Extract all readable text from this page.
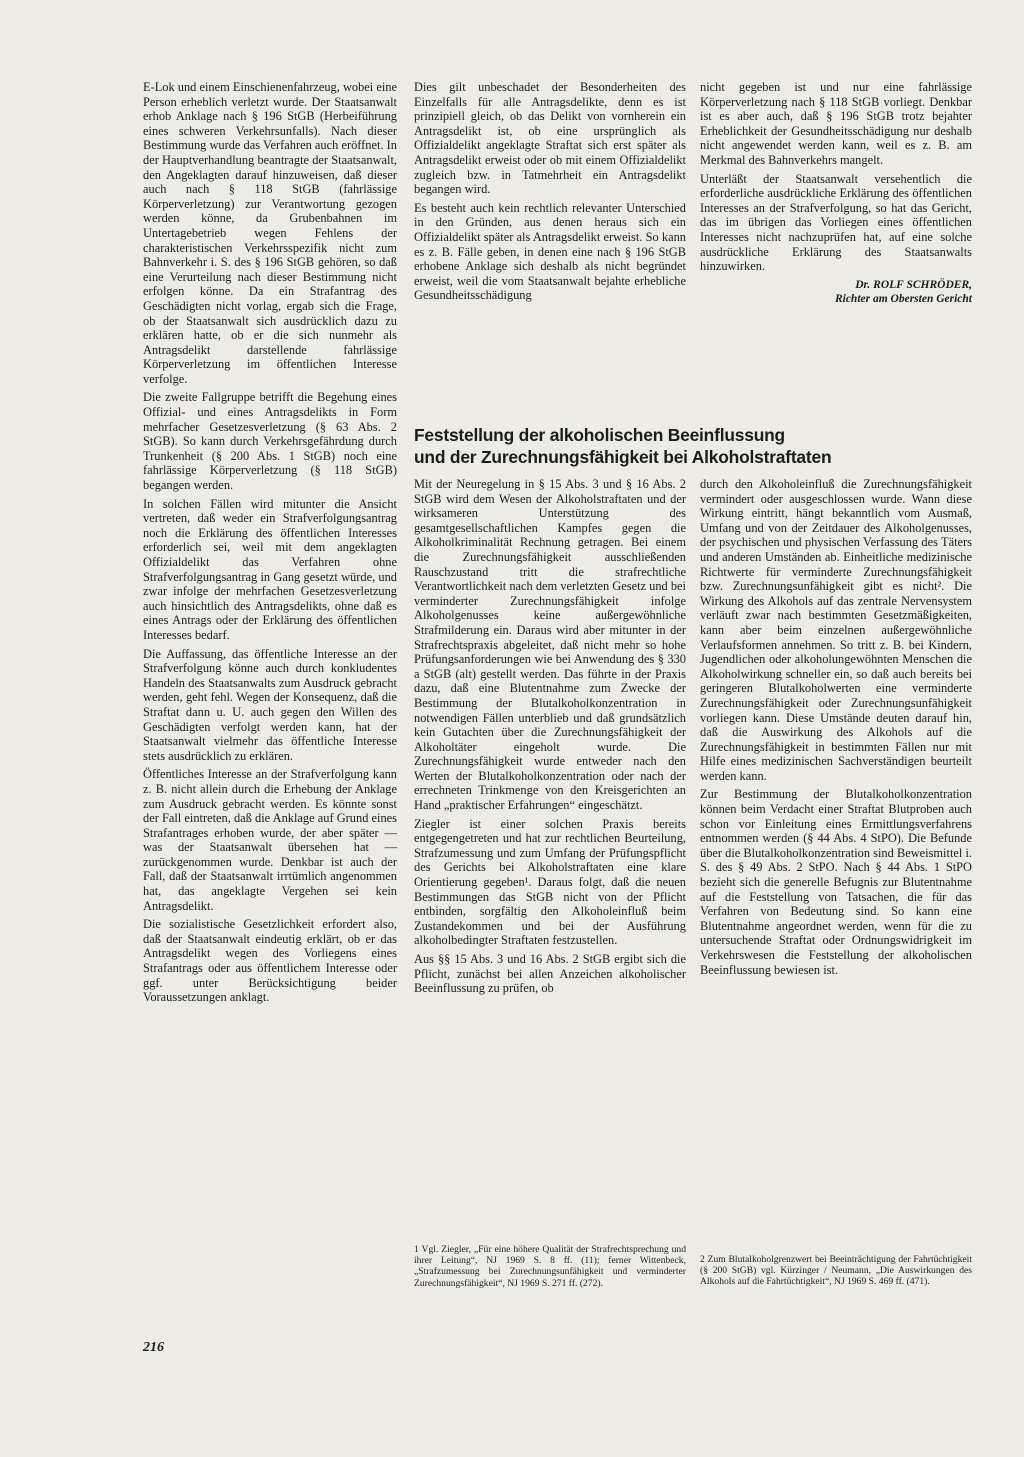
E-Lok und einem Einschienenfahrzeug, wobei eine Person erheblich verletzt wurde. Der Staatsanwalt erhob Anklage nach § 196 StGB (Herbeiführung eines schweren Verkehrsunfalls). Nach dieser Bestimmung wurde das Verfahren auch eröffnet. In der Hauptverhandlung beantragte der Staatsanwalt, den Angeklagten darauf hinzuweisen, daß dieser auch nach § 118 StGB (fahrlässige Körperverletzung) zur Verantwortung gezogen werden könne, da Grubenbahnen im Untertagebetrieb wegen Fehlens der charakteristischen Verkehrsspezifik nicht zum Bahnverkehr i. S. des § 196 StGB gehören, so daß eine Verurteilung nach dieser Bestimmung nicht erfolgen könne. Da ein Strafantrag des Geschädigten nicht vorlag, ergab sich die Frage, ob der Staatsanwalt sich ausdrücklich dazu zu erklären hatte, ob er die sich nunmehr als Antragsdelikt darstellende fahrlässige Körperverletzung im öffentlichen Interesse verfolge.

Die zweite Fallgruppe betrifft die Begehung eines Offizial- und eines Antragsdelikts in Form mehrfacher Gesetzesverletzung (§ 63 Abs. 2 StGB). So kann durch Verkehrsgefährdung durch Trunkenheit (§ 200 Abs. 1 StGB) noch eine fahrlässige Körperverletzung (§ 118 StGB) begangen werden.

In solchen Fällen wird mitunter die Ansicht vertreten, daß weder ein Strafverfolgungsantrag noch die Erklärung des öffentlichen Interesses erforderlich sei, weil mit dem angeklagten Offizialdelikt das Verfahren ohne Strafverfolgungsantrag in Gang gesetzt würde, und zwar infolge der mehrfachen Gesetzesverletzung auch hinsichtlich des Antragsdelikts, ohne daß es eines Antrags oder der Erklärung des öffentlichen Interesses bedarf.

Die Auffassung, das öffentliche Interesse an der Strafverfolgung könne auch durch konkludentes Handeln des Staatsanwalts zum Ausdruck gebracht werden, geht fehl. Wegen der Konsequenz, daß die Straftat dann u. U. auch gegen den Willen des Geschädigten verfolgt werden kann, hat der Staatsanwalt vielmehr das öffentliche Interesse stets ausdrücklich zu erklären.

Öffentliches Interesse an der Strafverfolgung kann z. B. nicht allein durch die Erhebung der Anklage zum Ausdruck gebracht werden. Es könnte sonst der Fall eintreten, daß die Anklage auf Grund eines Strafantrages erhoben wurde, der aber später — was der Staatsanwalt übersehen hat — zurückgenommen wurde. Denkbar ist auch der Fall, daß der Staatsanwalt irrtümlich angenommen hat, das angeklagte Vergehen sei kein Antragsdelikt.

Die sozialistische Gesetzlichkeit erfordert also, daß der Staatsanwalt eindeutig erklärt, ob er das Antragsdelikt wegen des Vorliegens eines Strafantrags oder aus öffentlichem Interesse oder ggf. unter Berücksichtigung beider Voraussetzungen anklagt.

Dies gilt unbeschadet der Besonderheiten des Einzelfalls für alle Antragsdelikte, denn es ist prinzipiell gleich, ob das Delikt von vornherein ein Antragsdelikt ist, ob eine ursprünglich als Offizialdelikt angeklagte Straftat sich erst später als Antragsdelikt erweist oder ob mit einem Offizialdelikt zugleich bzw. in Tatmehrheit ein Antragsdelikt begangen wird.

Es besteht auch kein rechtlich relevanter Unterschied in den Gründen, aus denen heraus sich ein Offizialdelikt später als Antragsdelikt erweist. So kann es z. B. Fälle geben, in denen eine nach § 196 StGB erhobene Anklage sich deshalb als nicht begründet erweist, weil die vom Staatsanwalt bejahte erhebliche Gesundheitsschädigung

nicht gegeben ist und nur eine fahrlässige Körperverletzung nach § 118 StGB vorliegt. Denkbar ist es aber auch, daß § 196 StGB trotz bejahter Erheblichkeit der Gesundheitsschädigung nur deshalb nicht angewendet werden kann, weil es z. B. am Merkmal des Bahnverkehrs mangelt.

Unterläßt der Staatsanwalt versehentlich die erforderliche ausdrückliche Erklärung des öffentlichen Interesses an der Strafverfolgung, so hat das Gericht, das im übrigen das Vorliegen eines öffentlichen Interesses nicht nachzuprüfen hat, auf eine solche ausdrückliche Erklärung des Staatsanwalts hinzuwirken.

Dr. ROLF SCHRÖDER,
Richter am Obersten Gericht
Feststellung der alkoholischen Beeinflussung
und der Zurechnungsfähigkeit bei Alkoholstraftaten

Mit der Neuregelung in § 15 Abs. 3 und § 16 Abs. 2 StGB wird dem Wesen der Alkoholstraftaten und der wirksameren Unterstützung des gesamtgesellschaftlichen Kampfes gegen die Alkoholkriminalität Rechnung getragen. Bei einem die Zurechnungsfähigkeit ausschließenden Rauschzustand tritt die strafrechtliche Verantwortlichkeit nach dem verletzten Gesetz und bei verminderter Zurechnungsfähigkeit infolge Alkoholgenusses keine außergewöhnliche Strafmilderung ein. Daraus wird aber mitunter in der Strafrechtspraxis abgeleitet, daß nicht mehr so hohe Prüfungsanforderungen wie bei Anwendung des § 330 a StGB (alt) gestellt werden. Das führte in der Praxis dazu, daß eine Blutentnahme zum Zwecke der Bestimmung der Blutalkoholkonzentration in notwendigen Fällen unterblieb und daß grundsätzlich kein Gutachten über die Zurechnungsfähigkeit der Alkoholtäter eingeholt wurde. Die Zurechnungsfähigkeit wurde entweder nach den Werten der Blutalkoholkonzentration oder nach der errechneten Trinkmenge von den Kreisgerichten an Hand „praktischer Erfahrungen“ eingeschätzt.

Ziegler ist einer solchen Praxis bereits entgegengetreten und hat zur rechtlichen Beurteilung, Strafzumessung und zum Umfang der Prüfungspflicht des Gerichts bei Alkoholstraftaten eine klare Orientierung gegeben¹. Daraus folgt, daß die neuen Bestimmungen das StGB nicht von der Pflicht entbinden, sorgfältig den Alkoholeinfluß beim Zustandekommen und bei der Ausführung alkoholbedingter Straftaten festzustellen.

Aus §§ 15 Abs. 3 und 16 Abs. 2 StGB ergibt sich die Pflicht, zunächst bei allen Anzeichen alkoholischer Beeinflussung zu prüfen, ob

durch den Alkoholeinfluß die Zurechnungsfähigkeit vermindert oder ausgeschlossen wurde. Wann diese Wirkung eintritt, hängt bekanntlich vom Ausmaß, Umfang und von der Zeitdauer des Alkoholgenusses, der psychischen und physischen Verfassung des Täters und anderen Umständen ab. Einheitliche medizinische Richtwerte für verminderte Zurechnungsfähigkeit bzw. Zurechnungsunfähigkeit gibt es nicht². Die Wirkung des Alkohols auf das zentrale Nervensystem verläuft zwar nach bestimmten Gesetzmäßigkeiten, kann aber beim einzelnen außergewöhnliche Verlaufsformen annehmen. So tritt z. B. bei Kindern, Jugendlichen oder alkoholungewöhnten Menschen die Alkoholwirkung schneller ein, so daß auch bereits bei geringeren Blutalkoholwerten eine verminderte Zurechnungsfähigkeit oder Zurechnungsunfähigkeit vorliegen kann. Diese Umstände deuten darauf hin, daß die Auswirkung des Alkohols auf die Zurechnungsfähigkeit in bestimmten Fällen nur mit Hilfe eines medizinischen Sachverständigen beurteilt werden kann.

Zur Bestimmung der Blutalkoholkonzentration können beim Verdacht einer Straftat Blutproben auch schon vor Einleitung eines Ermittlungsverfahrens entnommen werden (§ 44 Abs. 4 StPO). Die Befunde über die Blutalkoholkonzentration sind Beweismittel i. S. des § 49 Abs. 2 StPO. Nach § 44 Abs. 1 StPO bezieht sich die generelle Befugnis zur Blutentnahme auf die Feststellung von Tatsachen, die für das Verfahren von Bedeutung sind. So kann eine Blutentnahme angeordnet werden, wenn für die zu untersuchende Straftat oder Ordnungswidrigkeit im Verkehrswesen die Feststellung der alkoholischen Beeinflussung bewiesen ist.

1 Vgl. Ziegler, „Für eine höhere Qualität der Strafrechtsprechung und ihrer Leitung“, NJ 1969 S. 8 ff. (11); ferner Wittenbeck, „Strafzumessung bei Zurechnungsunfähigkeit und verminderter Zurechnungsfähigkeit“, NJ 1969 S. 271 ff. (272).
2 Zum Blutalkoholgrenzwert bei Beeinträchtigung der Fahrtüchtigkeit (§ 200 StGB) vgl. Kürzinger / Neumann, „Die Auswirkungen des Alkohols auf die Fahrtüchtigkeit“, NJ 1969 S. 469 ff. (471).
216
